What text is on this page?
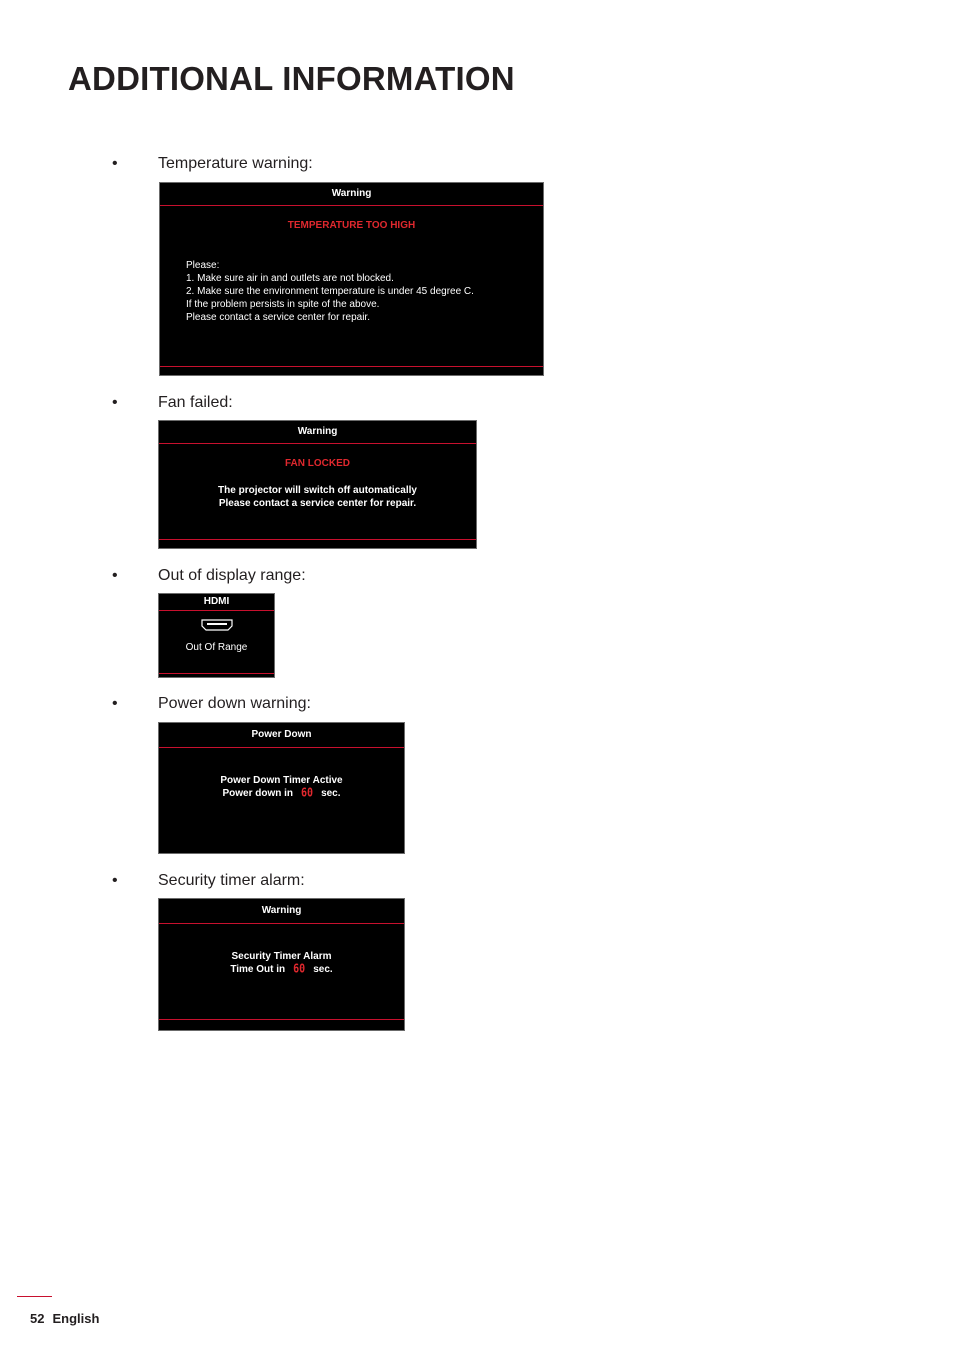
ADDITIONAL INFORMATION
•	Temperature warning:
Warning
TEMPERATURE TOO HIGH
Please:
1. Make sure air in and outlets are not blocked.
2. Make sure the environment temperature is under 45 degree C.
If the problem persists in spite of the above.
Please contact a service center for repair.
•	Fan failed:
Warning
FAN LOCKED
The projector will switch off automatically
Please contact a service center for repair.
•	Out of display range:
HDMI
Out Of Range
•	Power down warning:
Power Down
Power Down Timer Active
Power down in 60 sec.
•	Security timer alarm:
Warning
Security Timer Alarm
Time Out in 60 sec.
52 English
